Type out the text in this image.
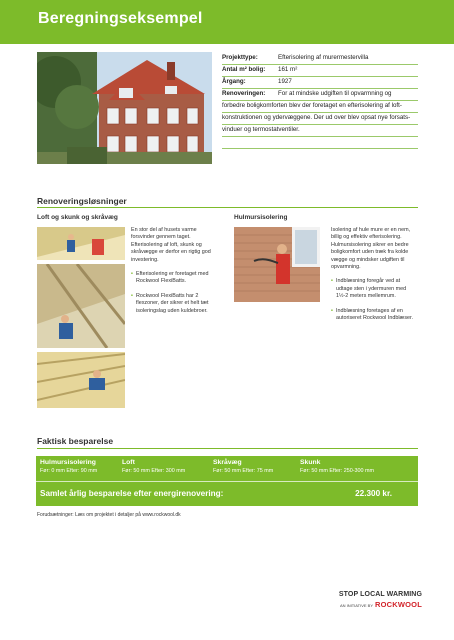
Beregningseksempel
Projekttype:	Efterisolering af murermestervilla
Antal m² bolig:	161 m²
Årgang:	1927
Renoveringen:	For at mindske udgiften til opvarmning og
forbedre boligkomforten blev der foretaget en efterisolering af loft-
konstruktionen og ydervæggene. Der ud over blev opsat nye forsats-
vinduer og termostatventiler.
Renoveringsløsninger
Loft og skunk og skråvæg	Hulmursisolering

En stor del af husets varme forsvinder gennem taget. Efterisolering af loft, skunk og skråvægge er derfor en rigtig god investering.

• Efterisolering er foretaget med Rockwool FlexiBatts.
• Rockwool FlexiBatts har 2 flexzoner, der sikrer et helt tæt isoleringslag uden kuldebroer.

Isolering af hule mure er en nem, billig og effektiv efterisolering. Hulmursisolering sikrer en bedre boligkomfort uden træk fra kolde vægge og mindsker udgiften til opvarmning.

• Indblæsning foregår ved at udtage sten i ydermuren med 1½-2 meters mellemrum.
• Indblæsning foretages af en autoriseret Rockwool Indblæser.
Faktisk besparelse
Hulmursisolering
Før: 0 mm Efter: 90 mm
Loft
Før: 50 mm Efter: 300 mm
Skråvæg
Før: 50 mm Efter: 75 mm
Skunk
Før: 50 mm Efter: 250-300 mm
Samlet årlig besparelse efter energirenovering:	22.300 kr.
Forudsætninger: Læs om projektet i detaljer på www.rockwool.dk
STOP LOCAL WARMING
AN INITIATIVE BY ROCKWOOL
